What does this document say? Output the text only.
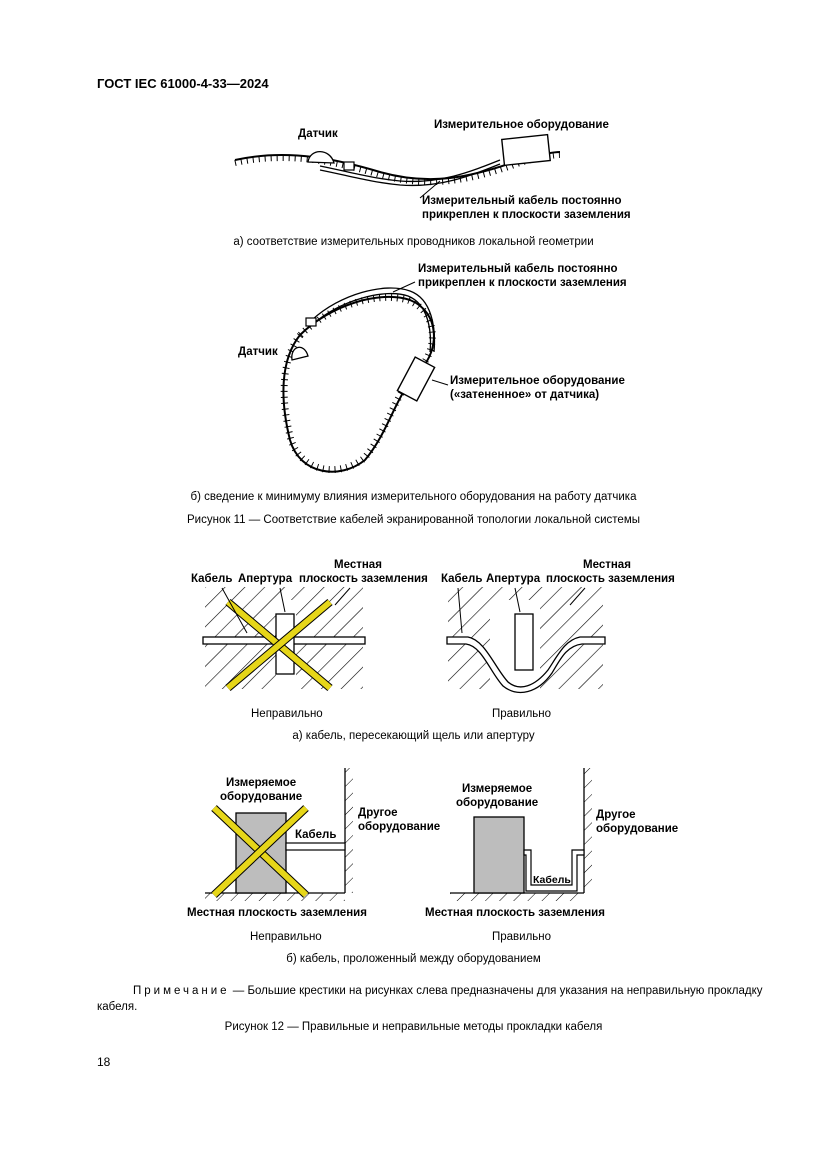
ГОСТ IEC 61000-4-33—2024
Датчик
Измерительное оборудование
Измерительный кабель постоянно
прикреплен к плоскости заземления
а) соответствие измерительных проводников локальной геометрии
Измерительный кабель постоянно
прикреплен к плоскости заземления
Датчик
Измерительное оборудование
(«затененное» от датчика)
б) сведение к минимуму влияния измерительного оборудования на работу датчика
Рисунок 11 — Соответствие кабелей экранированной топологии локальной системы
Местная
Кабель Апертура плоскость заземления
Неправильно
Местная
Кабель Апертура плоскость заземления
Правильно
а) кабель, пересекающий щель или апертуру
Измеряемое
оборудование
Другое
оборудование
Кабель
Местная плоскость заземления
Неправильно
Измеряемое
оборудование
Другое
оборудование
Кабель
Местная плоскость заземления
Правильно
б) кабель, проложенный между оборудованием
Примечание — Большие крестики на рисунках слева предназначены для указания на неправильную прокладку кабеля.
Рисунок 12 — Правильные и неправильные методы прокладки кабеля
18
